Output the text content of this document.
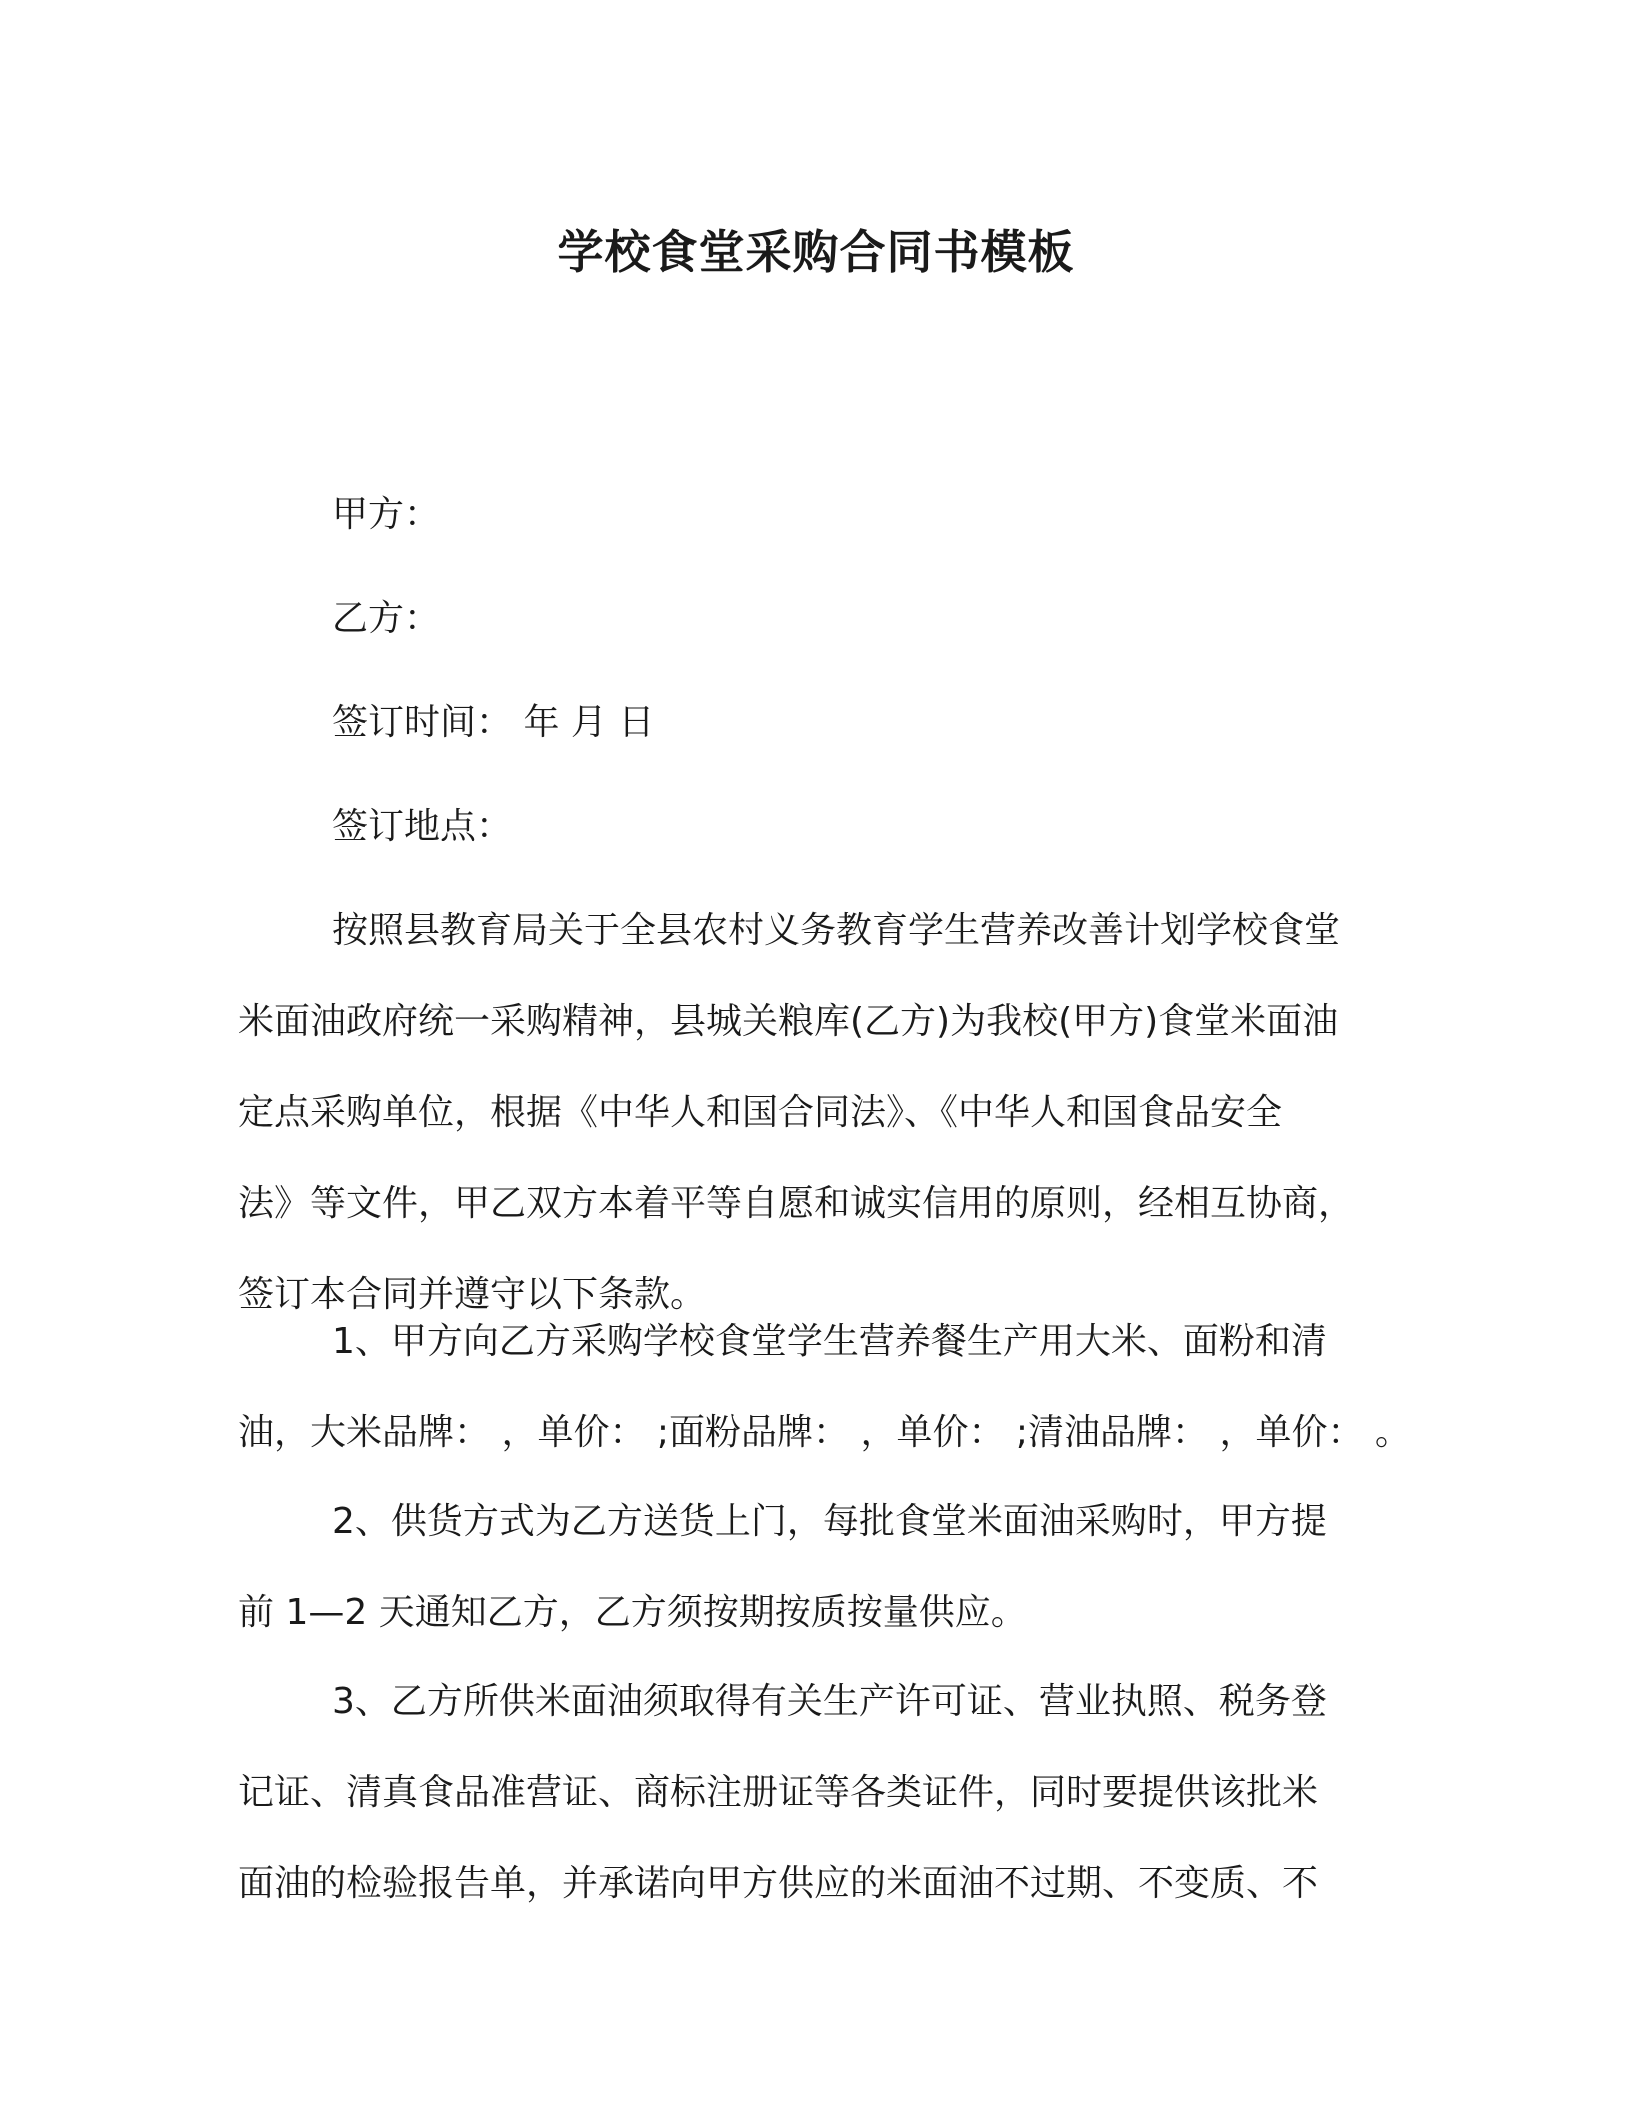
学校食堂采购合同书模板

甲方：

乙方：

签订时间： 年 月 日

签订地点：

按照县教育局关于全县农村义务教育学生营养改善计划学校食堂
米面油政府统一采购精神，县城关粮库(乙方)为我校(甲方)食堂米面油
定点采购单位，根据《中华人和国合同法》、《中华人和国食品安全
法》等文件，甲乙双方本着平等自愿和诚实信用的原则，经相互协商，
签订本合同并遵守以下条款。
1、甲方向乙方采购学校食堂学生营养餐生产用大米、面粉和清
油，大米品牌： ，单价： ;面粉品牌： ，单价： ;清油品牌： ，单价： 。
2、供货方式为乙方送货上门，每批食堂米面油采购时，甲方提
前 1—2 天通知乙方，乙方须按期按质按量供应。
3、乙方所供米面油须取得有关生产许可证、营业执照、税务登
记证、清真食品准营证、商标注册证等各类证件，同时要提供该批米
面油的检验报告单，并承诺向甲方供应的米面油不过期、不变质、不
